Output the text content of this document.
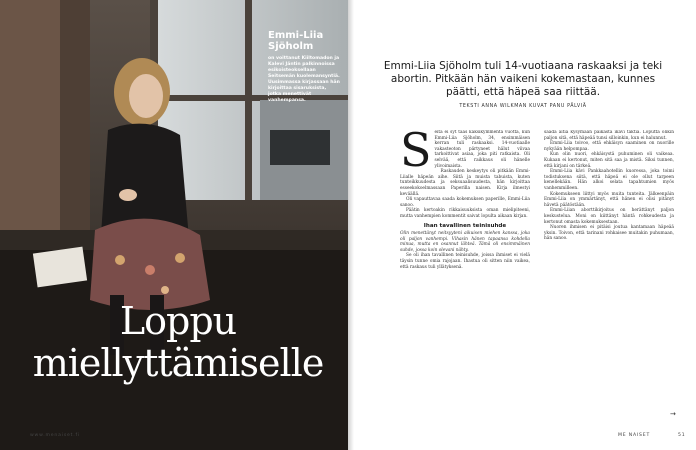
Emmi-Liia Sjöholm
on voittanut Kiiltomadon ja Kalevi Jäntin palkinnoissa esikoisteoksellaan Seitsemän kuolemansyntiä. Uusimmassa kirjassaan hän kirjoittaa sisaruksista, jotka menettivät vanhempansa.
Loppu
miellyttämiselle

Emmi-Liia Sjöholm tuli 14-vuotiaana raskaaksi ja teki abortin. Pitkään hän vaikeni kokemastaan, kunnes päätti, että häpeä saa riittää.

TEKSTI ANNA WILKMAN KUVAT PANU PÄLVIÄ
S eitä ei syt taas kaksikymmentä vuotta, kun Emmi-Liia Sjöholm, 34, ensimmäisen kerran tuli raskaaksi. 14-vuotiaalle vakasteoton pärtyneet hälut viivaa tarkoittivat asiaa, joka piti ratkaista. Oli selvää, että raikkaus oli hänelle ylivoimaista.

Raskauden keskeytys oli pitkään Emmi-Liialle häpeän aihe. Siitä ja muista tabuista, kuten tunteikkuudesta ja seksuaalisuudesta, hän kirjoittaa esseekokoelmassaan Paperilla naisen. Kirja ilmestyi keväällä.

Oli vapauttavaa saada kokemuksen paperille, Emmi-Liia sanoo.

Päätin kertoakin rikkaisuuksista oman mielipiteeni, mutta vanhempien kommentit saivat lopulta aikaan kirjan.

Ihan tavallinen teinisuhde

Olin menettänyt neitsyyteni aikuisen miehen kanssa, joka oli paljon vanhempi. Vihasin hänen tapaansa kohdella minua, mutta en osannut lähteä. Tämä oli ensimmäinen suhde, jossa koin olevani nähty.

Se oli ihan tavallinen teinisuhde, joissa ihmiset ei vielä täysin tunne omia rajojaan. Ihastua oli sitten niin vaikea, että raskaus tuli yllätyksenä.

saada äitiä kysymään paikasta ikävi taktia. Loputta olikin paljon sitä, että häpeää tunsi silloinkin, kun ei halunnut.

Emmi-Liia toivoo, että ehkäisyn saaminen on nuorille nykyään helpompaa.

Kun olin nuori, ehkäisystä puhuminen oli vaikeaa. Kukaan ei kertonut, miten sitä saa ja mistä. Siksi tunnen, että kirjani on tärkeä.

Emmi-Liia kävi Pankkaahotellin kuoressa, joka toimi todistuksena siitä, että häpeä ei ole ollut tarpeen kenellekään. Hän alkoi selata tapahtumien myös vanhemmilleen.

Kokemukseen liittyi myös muita tunteita. Jälkeenpäin Emmi-Liia on ymmärtänyt, että hänen ei olisi pitänyt hävetä päätöstään.

Emmi-Liian aborttikirjoitus on herättänyt paljon keskustelua. Moni on kiittänyt häntä rohkeudesta ja kertonut omasta kokemuksestaan.

Nuoren ihmisen ei pitäisi joutua kantamaan häpeää yksin. Toivon, että tarinani rohkaisee muitakin puhumaan, hän sanoo.

→
www.menaiset.fi	ME NAISET	51
